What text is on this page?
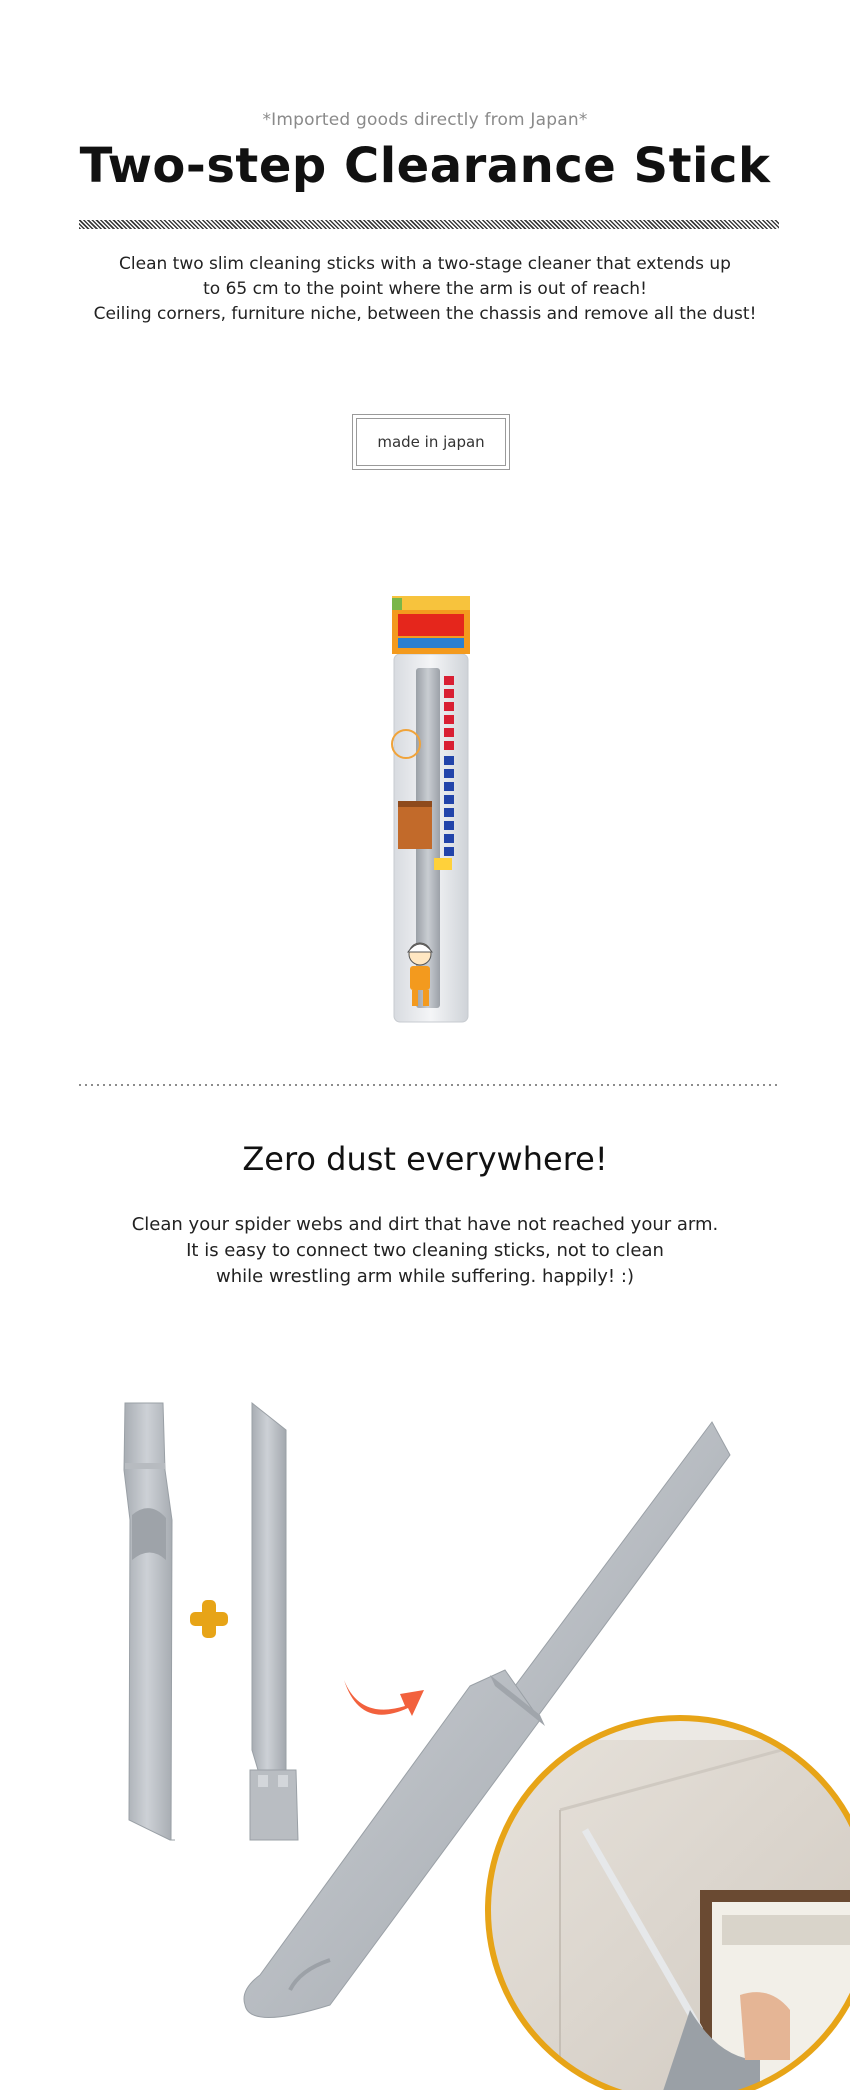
*Imported goods directly from Japan*
Two-step Clearance Stick
Clean two slim cleaning sticks with a two-stage cleaner that extends up
to 65 cm to the point where the arm is out of reach!
Ceiling corners, furniture niche, between the chassis and remove all the dust!
made in japan
Zero dust everywhere!
Clean your spider webs and dirt that have not reached your arm.
It is easy to connect two cleaning sticks, not to clean
while wrestling arm while suffering. happily! :)
